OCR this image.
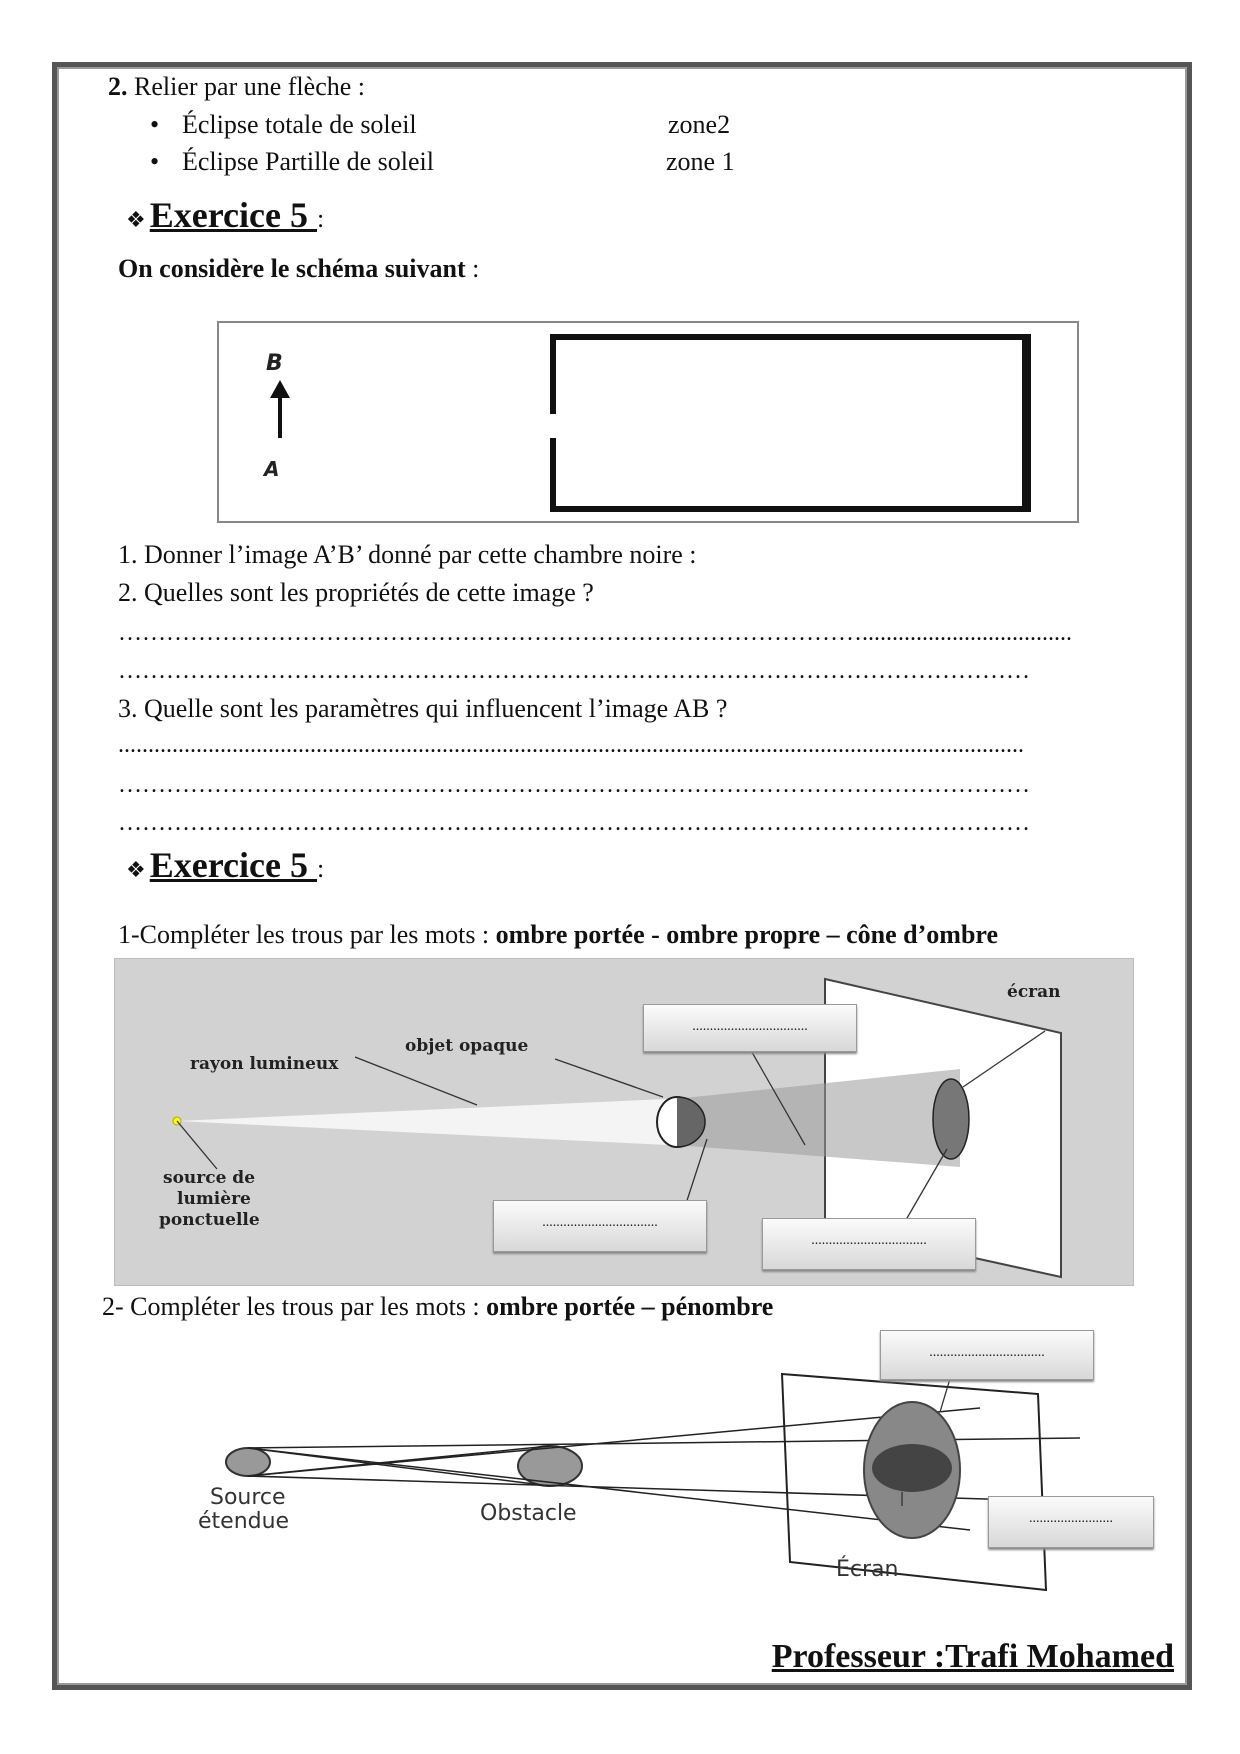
2. Relier par une flèche :
• Éclipse totale de soleil	zone2
• Éclipse Partille de soleil	zone 1
❖ Exercice 5 :
On considère le schéma suivant :
B
A
1. Donner l’image A’B’ donné par cette chambre noire :
2. Quelles sont les propriétés de cette image ?
…………………………………………………………………………………...................................
……………………………………………………………………………………………………
3. Quelle sont les paramètres qui influencent l’image AB ?
.......................................................................................................................................................
……………………………………………………………………………………………………
……………………………………………………………………………………………………
❖ Exercice 5 :
1-Compléter les trous par les mots : ombre portée - ombre propre – cône d’ombre
écran
objet opaque
rayon lumineux
source de
lumière
ponctuelle
.................................
.................................
.................................
2- Compléter les trous par les mots : ombre portée – pénombre
Source
étendue	Obstacle
Écran
.................................
........................
Professeur :Trafi Mohamed
